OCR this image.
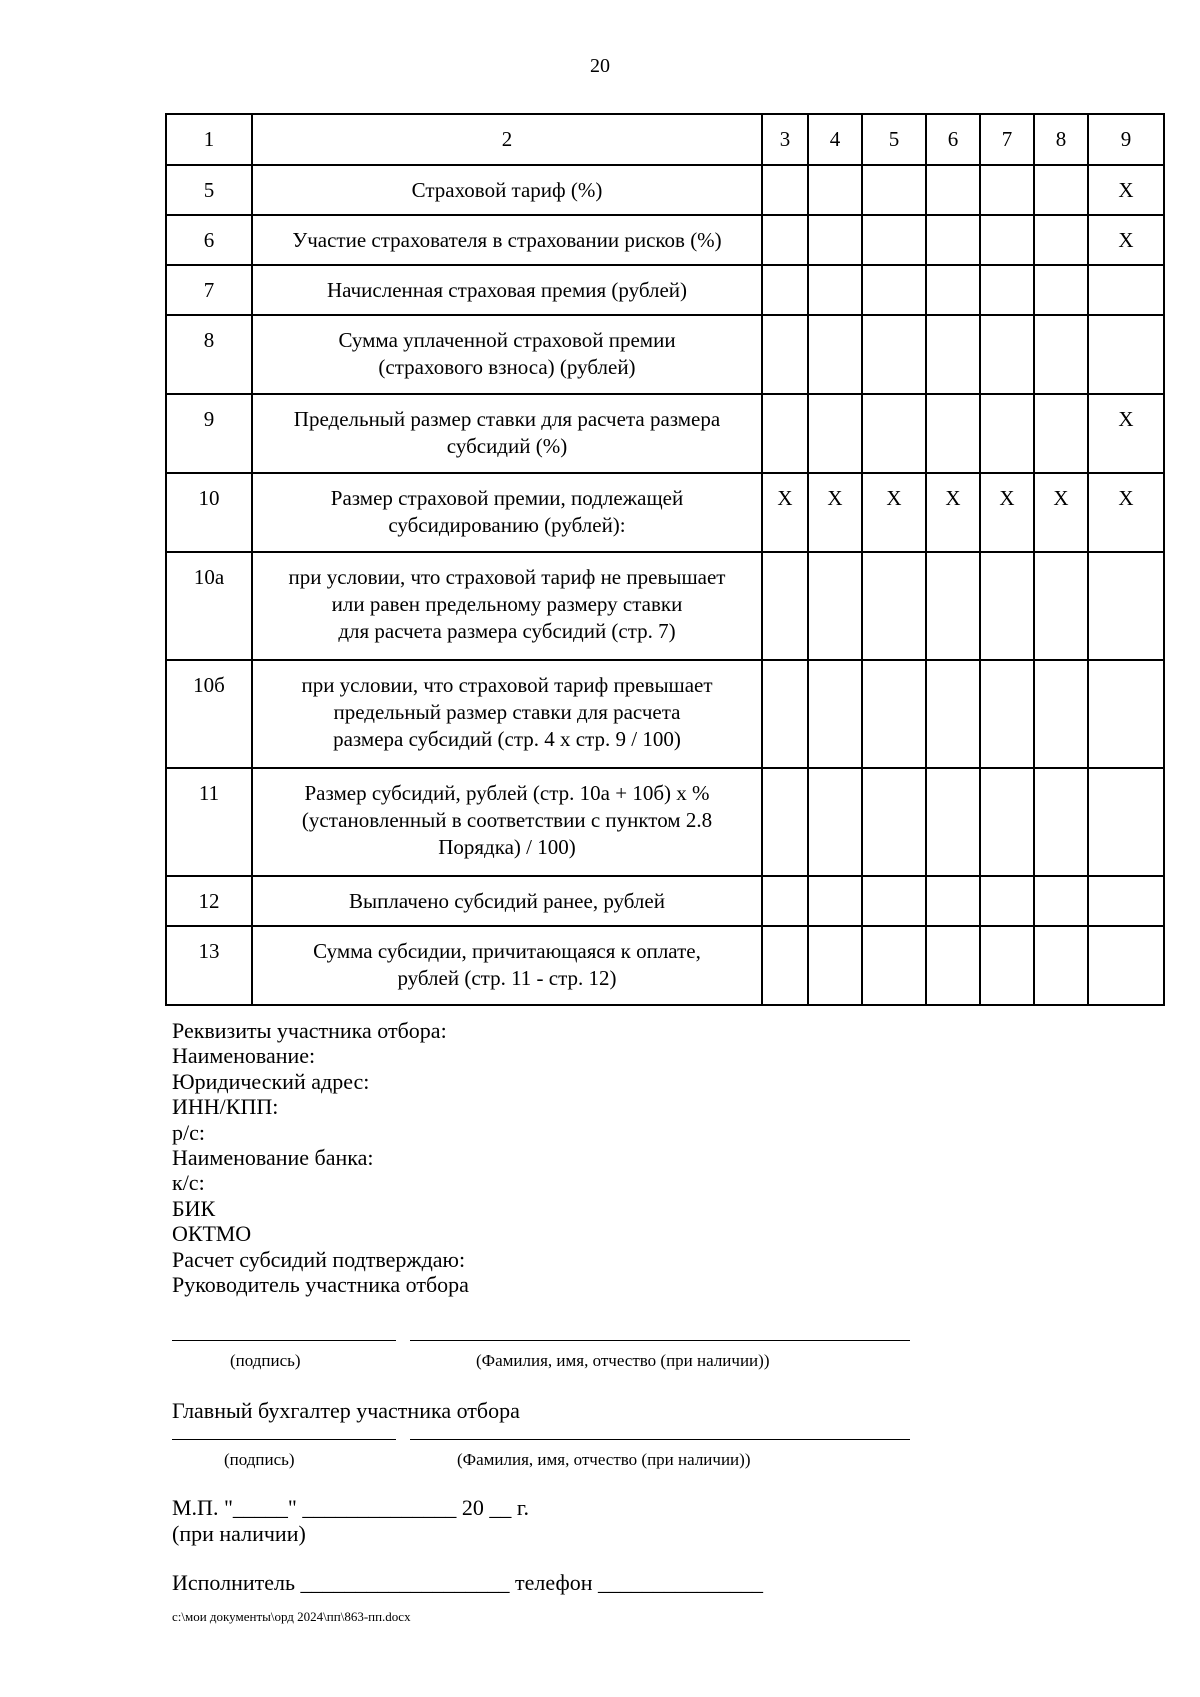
20
1	2	3	4	5	6	7	8	9
5	Страховой тариф (%)							X
6	Участие страхователя в страховании рисков (%)							X
7	Начисленная страховая премия (рублей)							

8	Сумма уплаченной страховой премии
(страхового взноса) (рублей)							

9	Предельный размер ставки для расчета размера
субсидий (%)							X
10	Размер страховой премии, подлежащей
субсидированию (рублей):	X	X	X	X	X	X	X
10а	при условии, что страховой тариф не превышает
или равен предельному размеру ставки
для расчета размера субсидий (стр. 7)							

10б	при условии, что страховой тариф превышает
предельный размер ставки для расчета
размера субсидий (стр. 4 x стр. 9 / 100)							

11	Размер субсидий, рублей (стр. 10а + 10б) x %
(установленный в соответствии с пунктом 2.8
Порядка) / 100)							

12	Выплачено субсидий ранее, рублей							

13	Сумма субсидии, причитающаяся к оплате,
рублей (стр. 11 - стр. 12)							

Реквизиты участника отбора:
Наименование:
Юридический адрес:
ИНН/КПП:
р/с:
Наименование банка:
к/с:
БИК
ОКТМО
Расчет субсидий подтверждаю:
Руководитель участника отбора
(подпись)	(Фамилия, имя, отчество (при наличии))
Главный бухгалтер участника отбора
(подпись)	(Фамилия, имя, отчество (при наличии))
М.П. "_____" ______________ 20 __ г.
(при наличии)
Исполнитель ___________________ телефон _______________
c:\мои документы\орд 2024\пп\863-пп.docx
